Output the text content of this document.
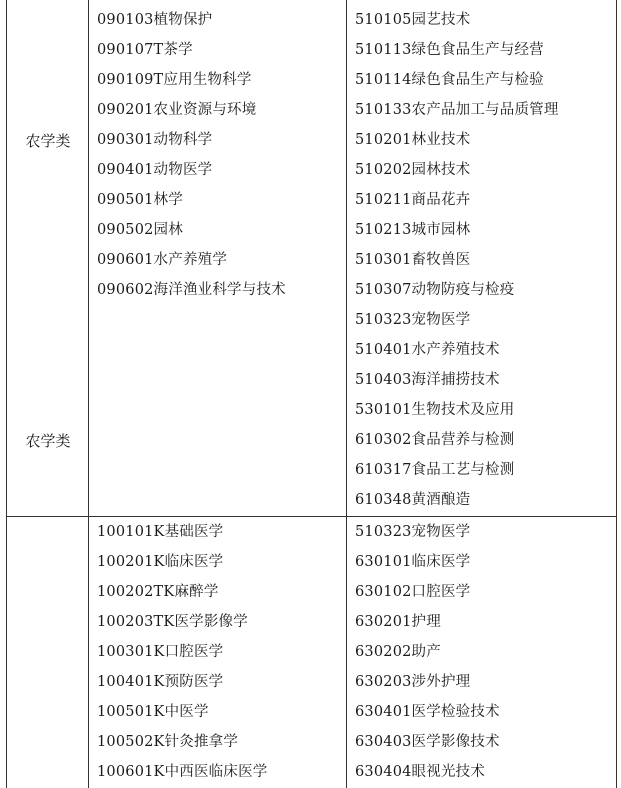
农学类
农学类
090103植物保护
090107T茶学
090109T应用生物科学
090201农业资源与环境
090301动物科学
090401动物医学
090501林学
090502园林
090601水产养殖学
090602海洋渔业科学与技术
510105园艺技术
510113绿色食品生产与经营
510114绿色食品生产与检验
510133农产品加工与品质管理
510201林业技术
510202园林技术
510211商品花卉
510213城市园林
510301畜牧兽医
510307动物防疫与检疫
510323宠物医学
510401水产养殖技术
510403海洋捕捞技术
530101生物技术及应用
610302食品营养与检测
610317食品工艺与检测
610348黄酒酿造
100101K基础医学
100201K临床医学
100202TK麻醉学
100203TK医学影像学
100301K口腔医学
100401K预防医学
100501K中医学
100502K针灸推拿学
100601K中西医临床医学
510323宠物医学
630101临床医学
630102口腔医学
630201护理
630202助产
630203涉外护理
630401医学检验技术
630403医学影像技术
630404眼视光技术
